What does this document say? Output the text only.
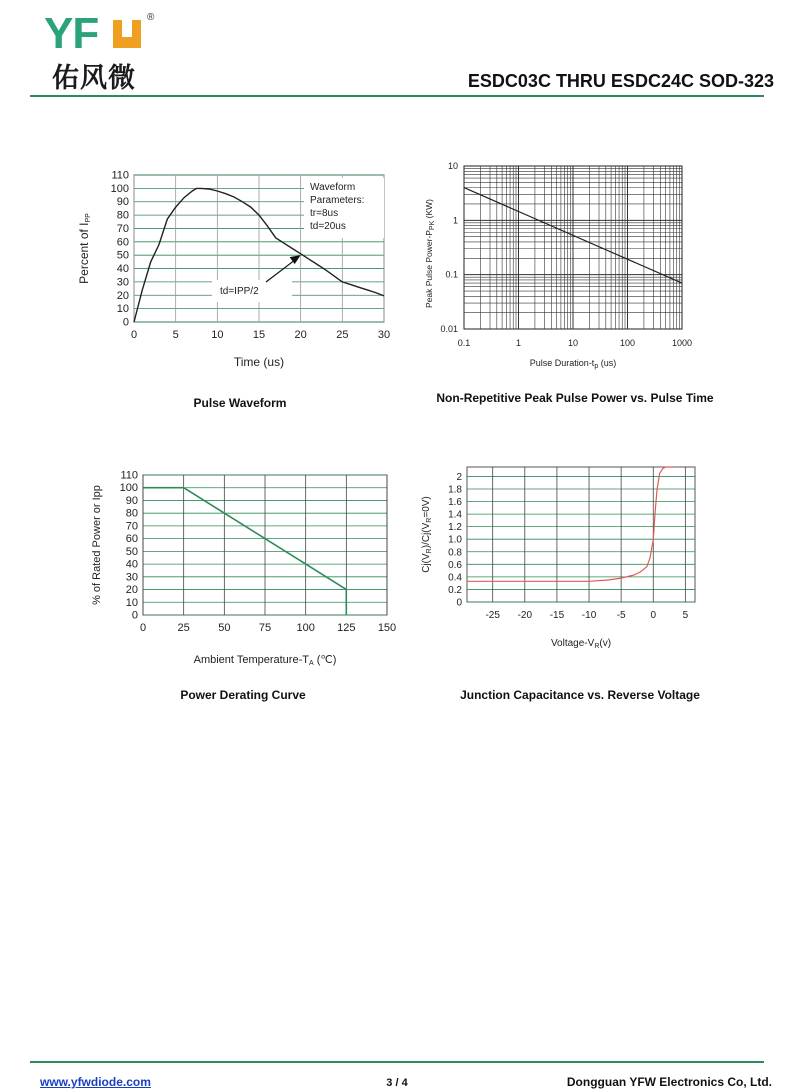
YF	®
佑风微	ESDC03C THRU ESDC24C SOD-323
0
10
20
30
40
50
60
70
80
90
100
110
0	5	10	15	20	25	30
Waveform
Parameters:
tr=8us
td=20us
td=IPP/2
Time (us)
Percent of IPP
0.1	1	10	100	1000
0.01
0.1
1
10
Pulse Duration-$t_p$ (us)
Peak Pulse Power-$P_{PK}$ (KW)
0
10
20
30
40
50
60
70
80
90
100
110
0	25	50	75 100 125 150
Ambient Temperature-TA (℃)
% of Rated Power or Ipp	0
0.2
0.4
0.6
0.8
1.0
1.2
1.4
1.6
1.8
2
-25 -20 -15 -10 -5 0	5
Voltage-$V_R(v)$
$Cj(V_R)/Cj(V_R=0V)$
Pulse Waveform	Non-Repetitive Peak Pulse Power vs. Pulse Time
Power Derating Curve	Junction Capacitance vs. Reverse Voltage
www.yfwdiode.com	3 / 4	Dongguan YFW Electronics Co, Ltd.
